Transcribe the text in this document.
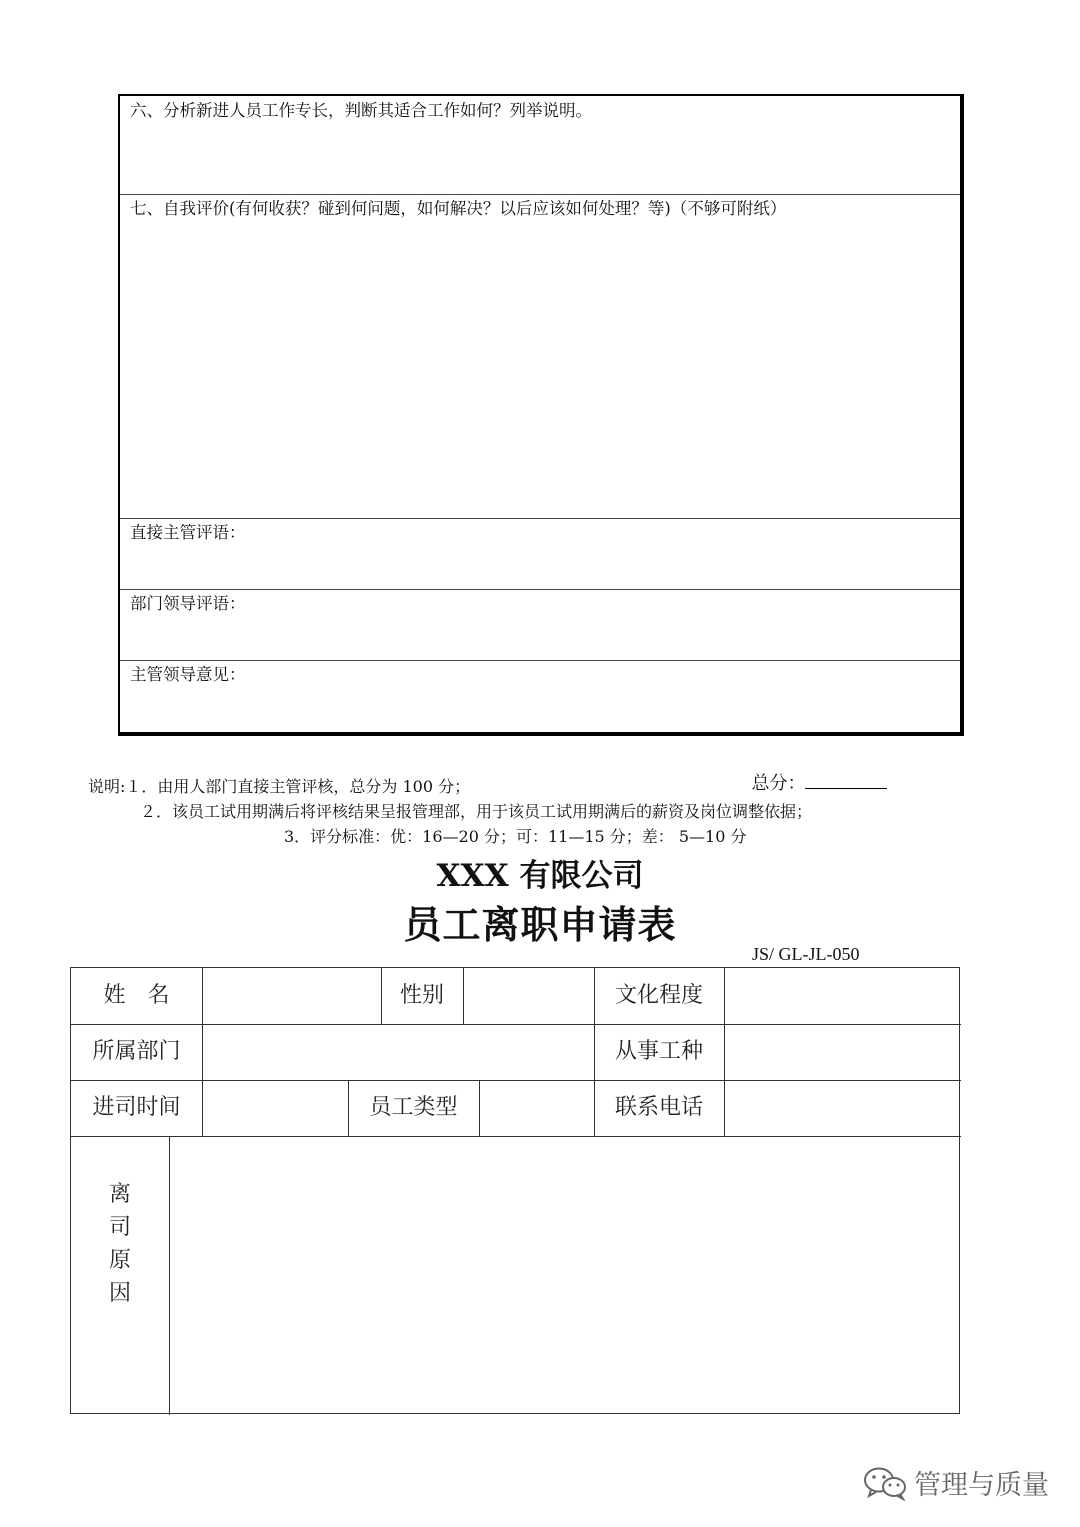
六、分析新进人员工作专长，判断其适合工作如何？列举说明。
七、自我评价(有何收获？碰到何问题，如何解决？以后应该如何处理？等)（不够可附纸）
直接主管评语：
部门领导评语：
主管领导意见：

总分：

说明:１．由用人部门直接主管评核，总分为 100 分；
２．该员工试用期满后将评核结果呈报管理部，用于该员工试用期满后的薪资及岗位调整依据；
3．评分标准：优：16—20 分；可：11—15 分；差： 5—10 分
XXX 有限公司
员工离职申请表
JS/ GL-JL-050
姓　名	性别	文化程度
所属部门	从事工种
进司时间	员工类型	联系电话
离
司
原
因
管理与质量
